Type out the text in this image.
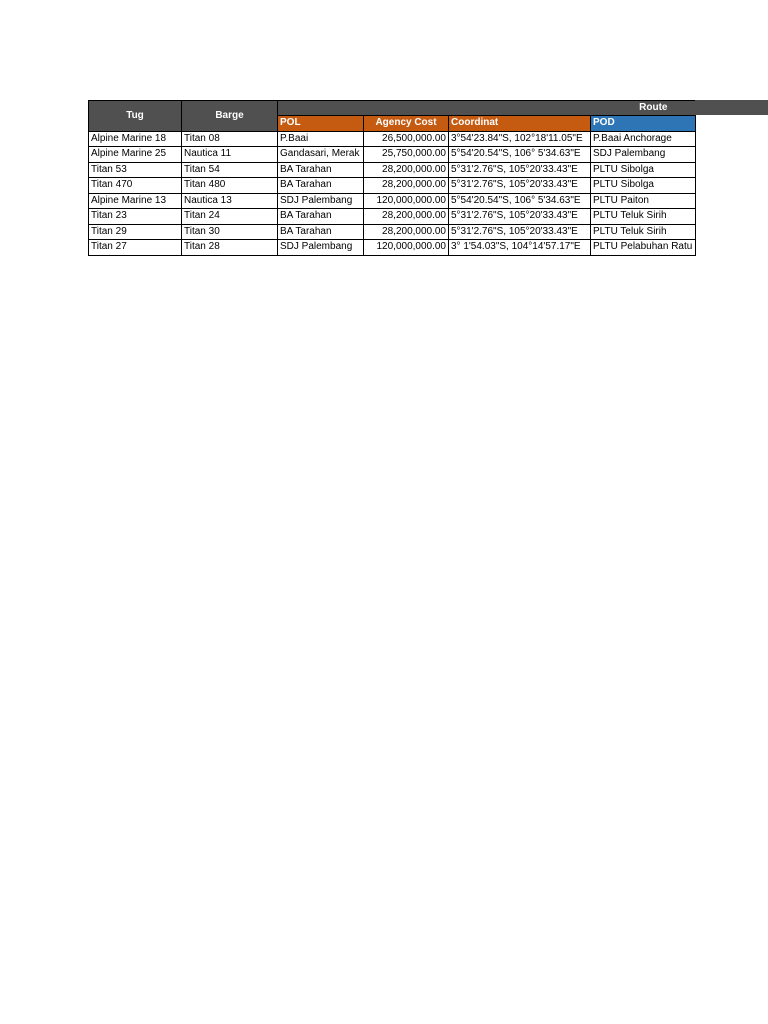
Tug	Barge	Route			
		POL	Agency Cost	Coordinat	POD
Alpine Marine 18	Titan 08	P.Baai	26,500,000.00	3°54'23.84"S, 102°18'11.05"E	P.Baai Anchorage
Alpine Marine 25	Nautica 11	Gandasari, Merak	25,750,000.00	5°54'20.54"S, 106° 5'34.63"E	SDJ Palembang
Titan 53	Titan 54	BA Tarahan	28,200,000.00	5°31'2.76"S, 105°20'33.43"E	PLTU Sibolga
Titan 470	Titan 480	BA Tarahan	28,200,000.00	5°31'2.76"S, 105°20'33.43"E	PLTU Sibolga
Alpine Marine 13	Nautica 13	SDJ Palembang	120,000,000.00	5°54'20.54"S, 106° 5'34.63"E	PLTU Paiton
Titan 23	Titan 24	BA Tarahan	28,200,000.00	5°31'2.76"S, 105°20'33.43"E	PLTU Teluk Sirih
Titan 29	Titan 30	BA Tarahan	28,200,000.00	5°31'2.76"S, 105°20'33.43"E	PLTU Teluk Sirih
Titan 27	Titan 28	SDJ Palembang	120,000,000.00	3° 1'54.03"S, 104°14'57.17"E	PLTU Pelabuhan Ratu
